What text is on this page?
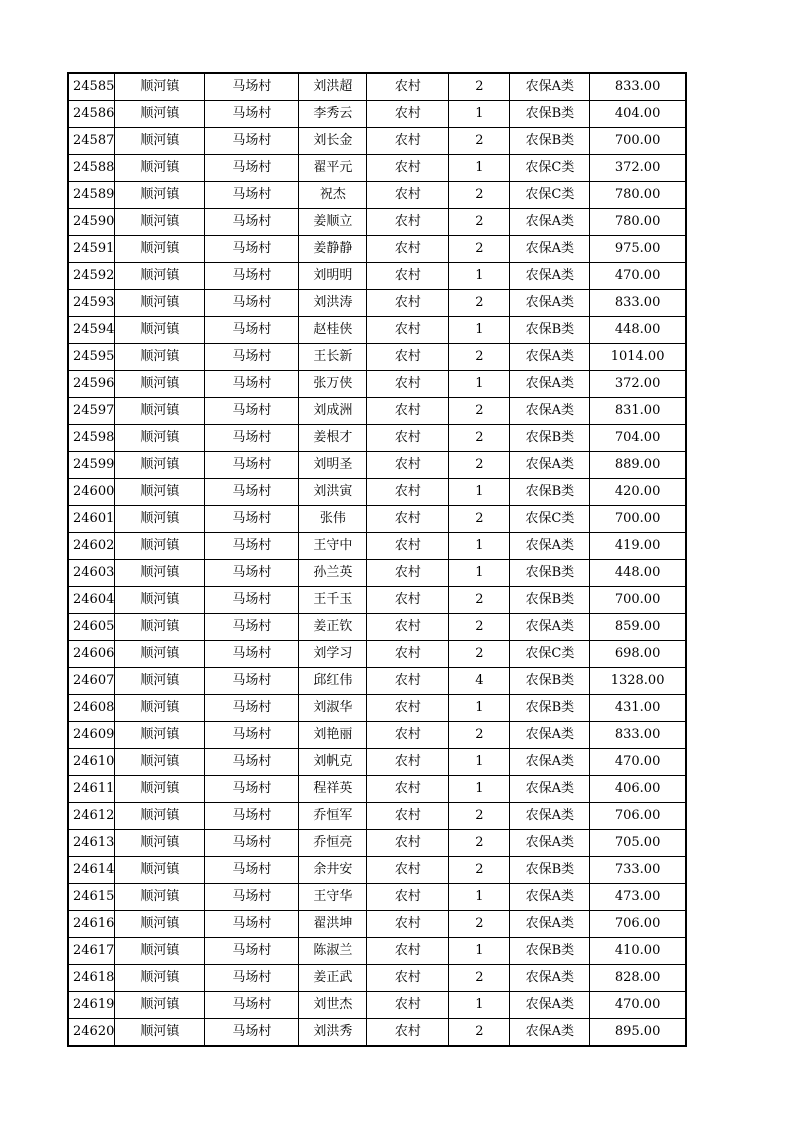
24585	顺河镇	马场村	刘洪超	农村	2	农保A类	833.00
24586	顺河镇	马场村	李秀云	农村	1	农保B类	404.00
24587	顺河镇	马场村	刘长金	农村	2	农保B类	700.00
24588	顺河镇	马场村	翟平元	农村	1	农保C类	372.00
24589	顺河镇	马场村	祝杰	农村	2	农保C类	780.00
24590	顺河镇	马场村	姜顺立	农村	2	农保A类	780.00
24591	顺河镇	马场村	姜静静	农村	2	农保A类	975.00
24592	顺河镇	马场村	刘明明	农村	1	农保A类	470.00
24593	顺河镇	马场村	刘洪涛	农村	2	农保A类	833.00
24594	顺河镇	马场村	赵桂侠	农村	1	农保B类	448.00
24595	顺河镇	马场村	王长新	农村	2	农保A类	1014.00
24596	顺河镇	马场村	张万侠	农村	1	农保A类	372.00
24597	顺河镇	马场村	刘成洲	农村	2	农保A类	831.00
24598	顺河镇	马场村	姜根才	农村	2	农保B类	704.00
24599	顺河镇	马场村	刘明圣	农村	2	农保A类	889.00
24600	顺河镇	马场村	刘洪寅	农村	1	农保B类	420.00
24601	顺河镇	马场村	张伟	农村	2	农保C类	700.00
24602	顺河镇	马场村	王守中	农村	1	农保A类	419.00
24603	顺河镇	马场村	孙兰英	农村	1	农保B类	448.00
24604	顺河镇	马场村	王千玉	农村	2	农保B类	700.00
24605	顺河镇	马场村	姜正钦	农村	2	农保A类	859.00
24606	顺河镇	马场村	刘学习	农村	2	农保C类	698.00
24607	顺河镇	马场村	邱红伟	农村	4	农保B类	1328.00
24608	顺河镇	马场村	刘淑华	农村	1	农保B类	431.00
24609	顺河镇	马场村	刘艳丽	农村	2	农保A类	833.00
24610	顺河镇	马场村	刘帆克	农村	1	农保A类	470.00
24611	顺河镇	马场村	程祥英	农村	1	农保A类	406.00
24612	顺河镇	马场村	乔恒军	农村	2	农保A类	706.00
24613	顺河镇	马场村	乔恒亮	农村	2	农保A类	705.00
24614	顺河镇	马场村	余井安	农村	2	农保B类	733.00
24615	顺河镇	马场村	王守华	农村	1	农保A类	473.00
24616	顺河镇	马场村	翟洪坤	农村	2	农保A类	706.00
24617	顺河镇	马场村	陈淑兰	农村	1	农保B类	410.00
24618	顺河镇	马场村	姜正武	农村	2	农保A类	828.00
24619	顺河镇	马场村	刘世杰	农村	1	农保A类	470.00
24620	顺河镇	马场村	刘洪秀	农村	2	农保A类	895.00
